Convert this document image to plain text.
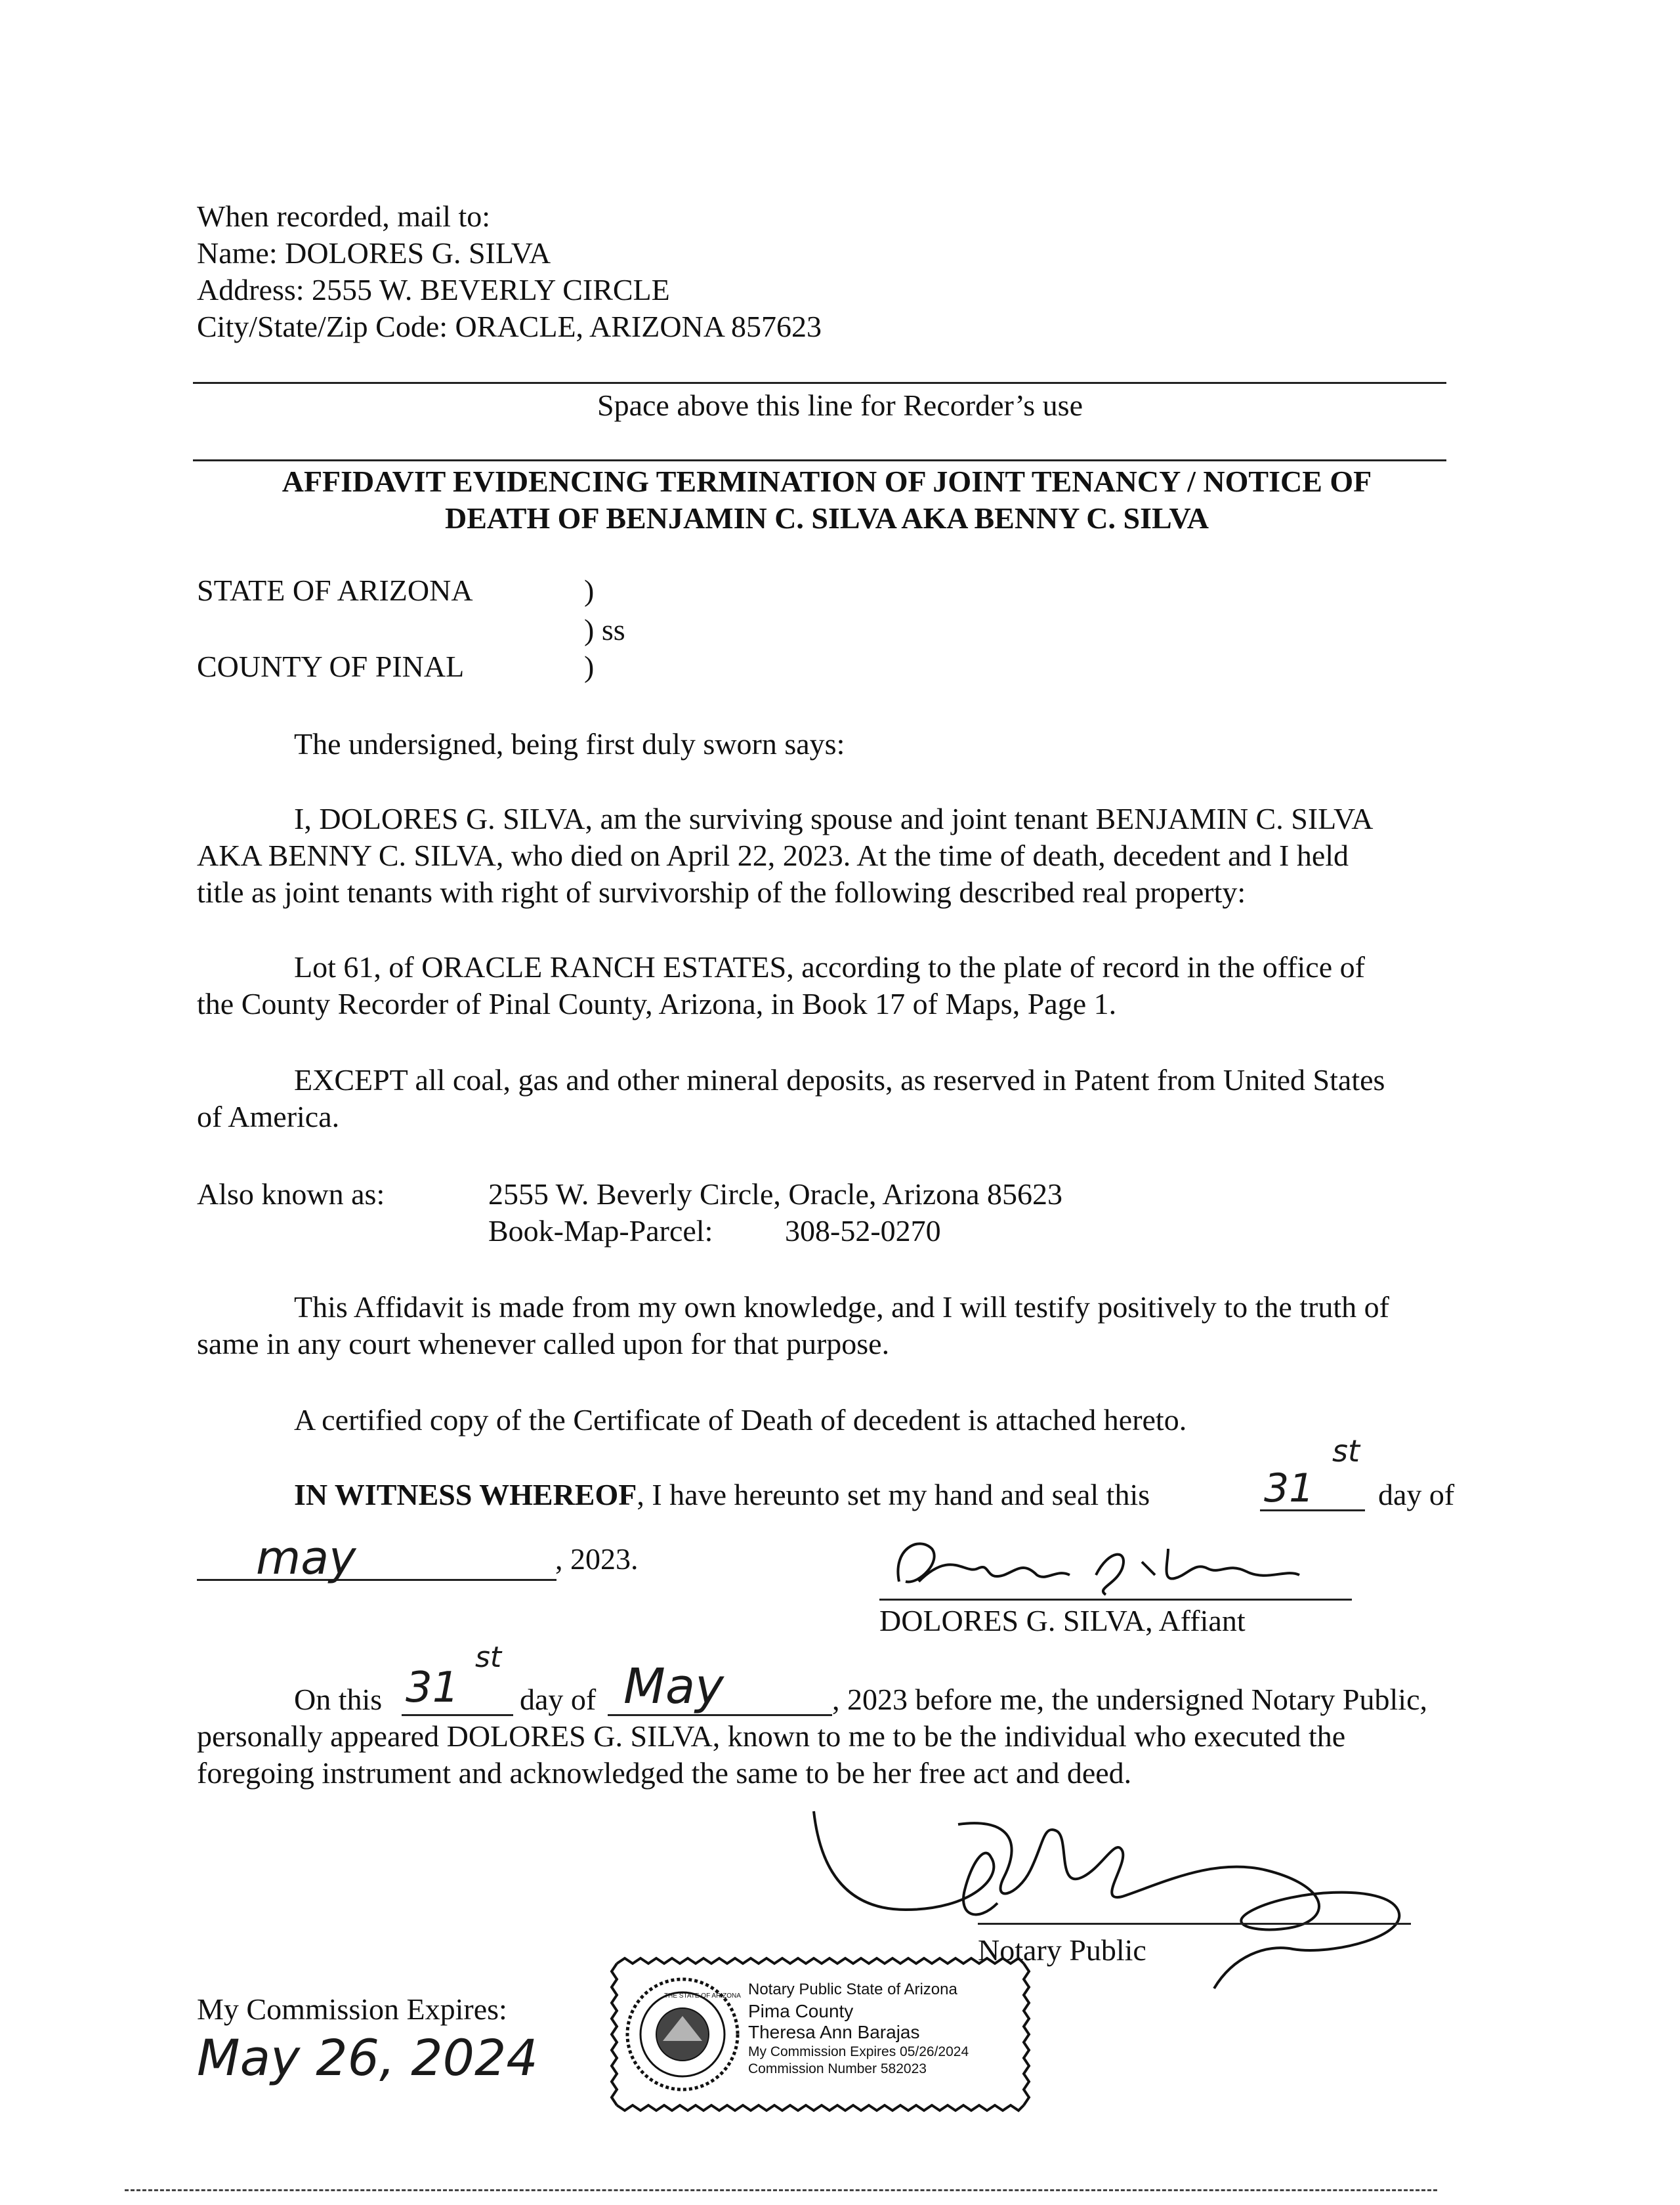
When recorded, mail to:
Name: DOLORES G. SILVA
Address: 2555 W. BEVERLY CIRCLE
City/State/Zip Code: ORACLE, ARIZONA 857623
Space above this line for Recorder’s use
AFFIDAVIT EVIDENCING TERMINATION OF JOINT TENANCY / NOTICE OF
DEATH OF BENJAMIN C. SILVA AKA BENNY C. SILVA
STATE OF ARIZONA	)
) ss
COUNTY OF PINAL	)
The undersigned, being first duly sworn says:
I, DOLORES G. SILVA, am the surviving spouse and joint tenant BENJAMIN C. SILVA
AKA BENNY C. SILVA, who died on April 22, 2023. At the time of death, decedent and I held
title as joint tenants with right of survivorship of the following described real property:
Lot 61, of ORACLE RANCH ESTATES, according to the plate of record in the office of
the County Recorder of Pinal County, Arizona, in Book 17 of Maps, Page 1.
EXCEPT all coal, gas and other mineral deposits, as reserved in Patent from United States
of America.
Also known as:	2555 W. Beverly Circle, Oracle, Arizona 85623
Book-Map-Parcel: 308-52-0270
This Affidavit is made from my own knowledge, and I will testify positively to the truth of
same in any court whenever called upon for that purpose.
A certified copy of the Certificate of Death of decedent is attached hereto.
IN WITNESS WHEREOF, I have hereunto set my hand and seal this	31
st
day of
may	, 2023.
DOLORES G. SILVA, Affiant
On this 31
st
day of May	, 2023 before me, the undersigned Notary Public,
personally appeared DOLORES G. SILVA, known to me to be the individual who executed the
foregoing instrument and acknowledged the same to be her free act and deed.
Notary Public
My Commission Expires:
May 26, 2024
THE STATE OF ARIZONA Notary Public State of Arizona
Pima County
Theresa Ann Barajas
My Commission Expires 05/26/2024
Commission Number 582023
